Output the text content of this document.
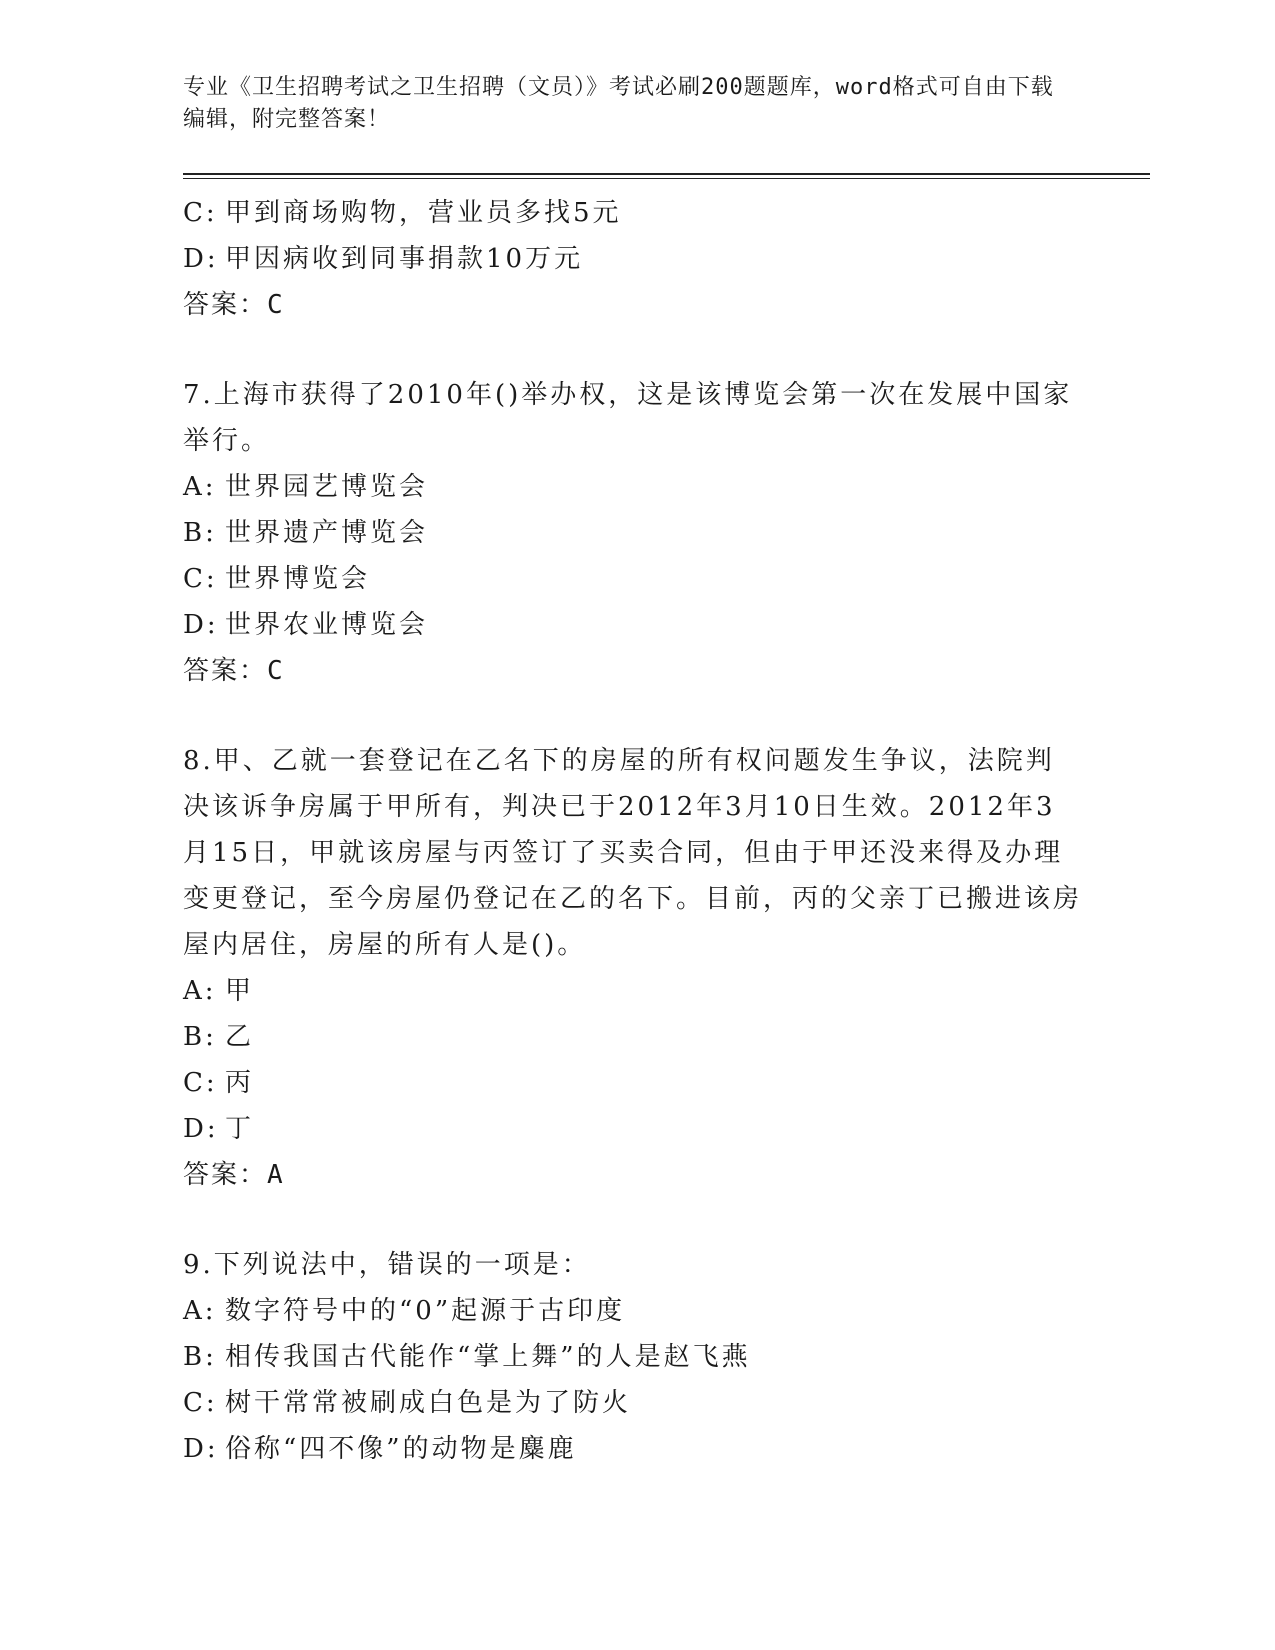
专业《卫生招聘考试之卫生招聘（文员）》考试必刷200题题库，word格式可自由下载编辑，附完整答案！
C: 甲到商场购物，营业员多找5元
D: 甲因病收到同事捐款10万元
答案：C
7.上海市获得了2010年()举办权，这是该博览会第一次在发展中国家举行。
A: 世界园艺博览会
B: 世界遗产博览会
C: 世界博览会
D: 世界农业博览会
答案：C
8.甲、乙就一套登记在乙名下的房屋的所有权问题发生争议，法院判决该诉争房属于甲所有，判决已于2012年3月10日生效。2012年3月15日，甲就该房屋与丙签订了买卖合同，但由于甲还没来得及办理变更登记，至今房屋仍登记在乙的名下。目前，丙的父亲丁已搬进该房屋内居住，房屋的所有人是()。
A: 甲
B: 乙
C: 丙
D: 丁
答案：A
9.下列说法中，错误的一项是：
A: 数字符号中的“0”起源于古印度
B: 相传我国古代能作“掌上舞”的人是赵飞燕
C: 树干常常被刷成白色是为了防火
D: 俗称“四不像”的动物是麋鹿
